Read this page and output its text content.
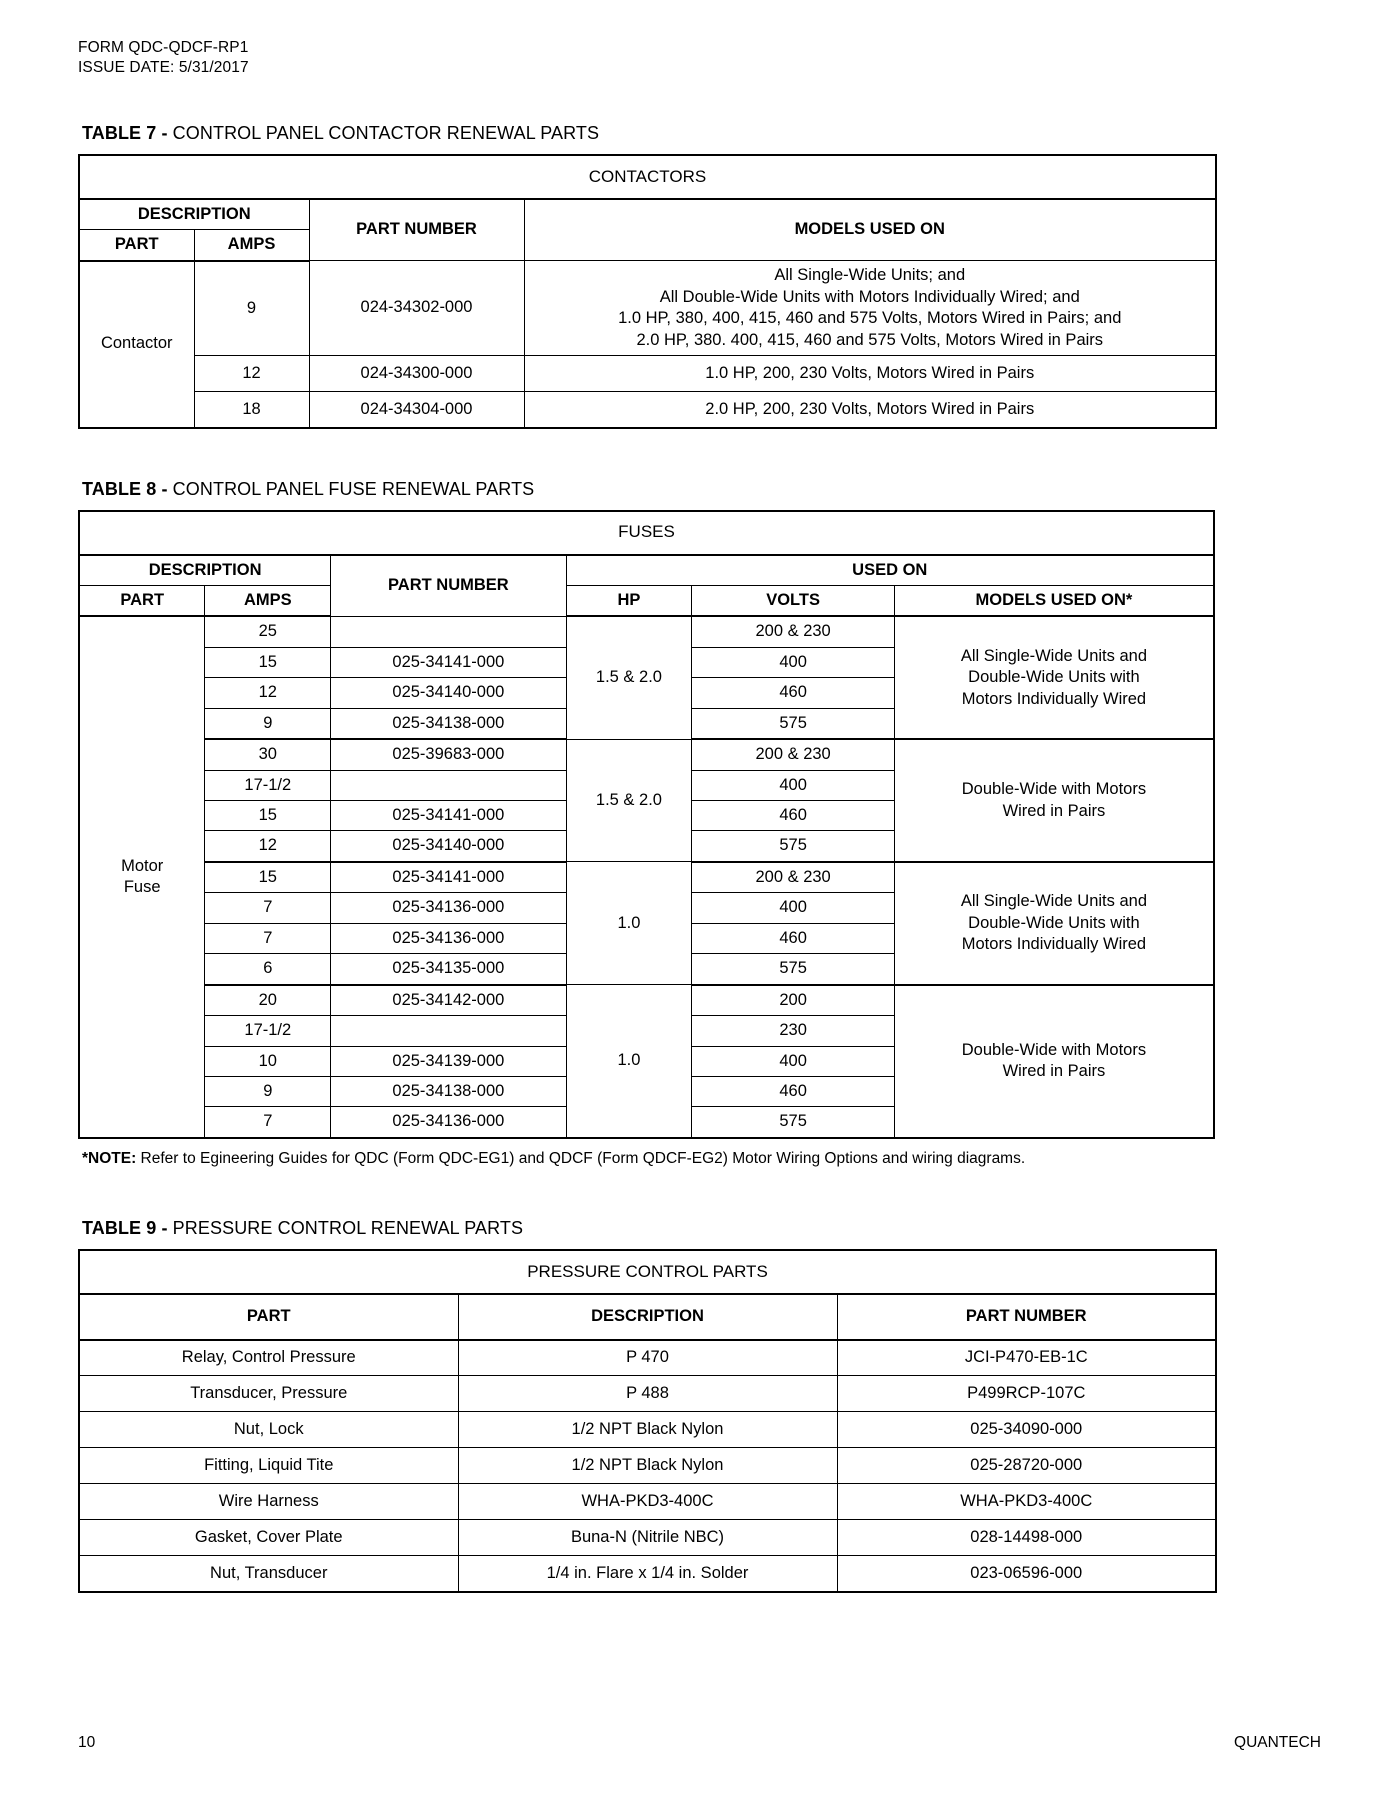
FORM QDC-QDCF-RP1
ISSUE DATE: 5/31/2017
TABLE 7 - CONTROL PANEL CONTACTOR RENEWAL PARTS
CONTACTORS			
DESCRIPTION		PART NUMBER	MODELS USED ON
PART	AMPS		
Contactor	9	024-34302-000	All Single-Wide Units; and
All Double-Wide Units with Motors Individually Wired; and
1.0 HP, 380, 400, 415, 460 and 575 Volts, Motors Wired in Pairs; and
2.0 HP, 380. 400, 415, 460 and 575 Volts, Motors Wired in Pairs

	12	024-34300-000	1.0 HP, 200, 230 Volts, Motors Wired in Pairs
	18	024-34304-000	2.0 HP, 200, 230 Volts, Motors Wired in Pairs
TABLE 8 - CONTROL PANEL FUSE RENEWAL PARTS
FUSES					
DESCRIPTION		PART NUMBER	USED ON		
PART	AMPS		HP	VOLTS	MODELS USED ON*

Motor
Fuse
	25		1.5 & 2.0	200 & 230	
All Single-Wide Units and
Double-Wide Units with
Motors Individually Wired

	15	025-34141-000		400	
	12	025-34140-000		460	
	9	025-34138-000		575	
	30	025-39683-000	1.5 & 2.0	200 & 230	Double-Wide with Motors
Wired in Pairs

	17-1/2			400	
	15	025-34141-000		460	
	12	025-34140-000		575	
	15	025-34141-000	1.0	200 & 230	All Single-Wide Units and
Double-Wide Units with
Motors Individually Wired

	7	025-34136-000		400	
	7	025-34136-000		460	
	6	025-34135-000		575	
	20	025-34142-000	1.0	200	Double-Wide with Motors
Wired in Pairs

	17-1/2			230	
	10	025-34139-000		400	
	9	025-34138-000		460	
	7	025-34136-000		575	
*NOTE: Refer to Egineering Guides for QDC (Form QDC-EG1) and QDCF (Form QDCF-EG2) Motor Wiring Options and wiring diagrams.
TABLE 9 - PRESSURE CONTROL RENEWAL PARTS
PRESSURE CONTROL PARTS		
PART	DESCRIPTION	PART NUMBER
Relay, Control Pressure	P 470	JCI-P470-EB-1C
Transducer, Pressure	P 488	P499RCP-107C
Nut, Lock	1/2 NPT Black Nylon	025-34090-000
Fitting, Liquid Tite	1/2 NPT Black Nylon	025-28720-000
Wire Harness	WHA-PKD3-400C	WHA-PKD3-400C
Gasket, Cover Plate	Buna-N (Nitrile NBC)	028-14498-000
Nut, Transducer	1/4 in. Flare x 1/4 in. Solder	023-06596-000
10	QUANTECH
